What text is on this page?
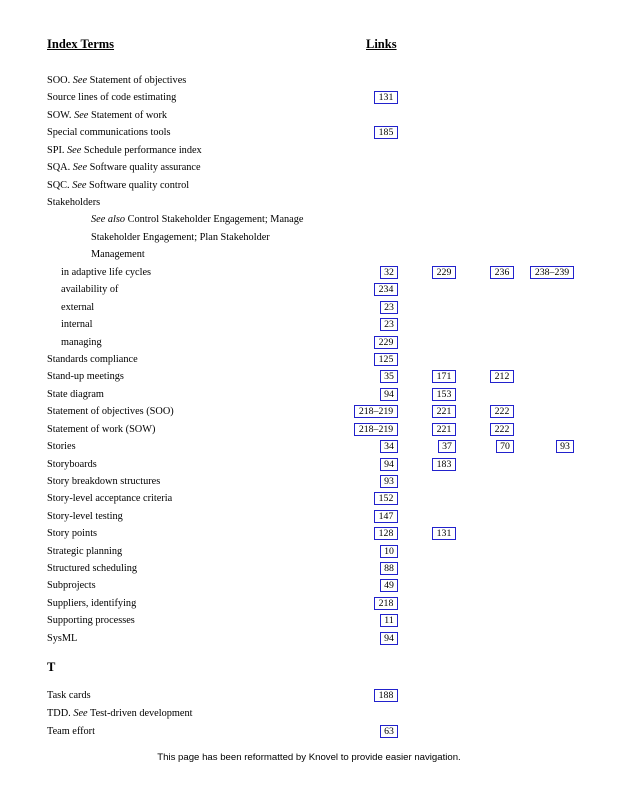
Index Terms	Links
SOO. See Statement of objectives
Source lines of code estimating	131
SOW. See Statement of work
Special communications tools	185
SPI. See Schedule performance index
SQA. See Software quality assurance
SQC. See Software quality control
Stakeholders
See also Control Stakeholder Engagement; Manage
Stakeholder Engagement; Plan Stakeholder
Management
in adaptive life cycles	32	229	236	238–239
availability of	234
external	23
internal	23
managing	229
Standards compliance	125
Stand-up meetings	35	171	212
State diagram	94	153
Statement of objectives (SOO)	218–219	221	222
Statement of work (SOW)	218–219	221	222
Stories	34	37	70	93
Storyboards	94	183
Story breakdown structures	93
Story-level acceptance criteria	152
Story-level testing	147
Story points	128	131
Strategic planning	10
Structured scheduling	88
Subprojects	49
Suppliers, identifying	218
Supporting processes	11
SysML	94
T
Task cards	188
TDD. See Test-driven development
Team effort	63
This page has been reformatted by Knovel to provide easier navigation.
